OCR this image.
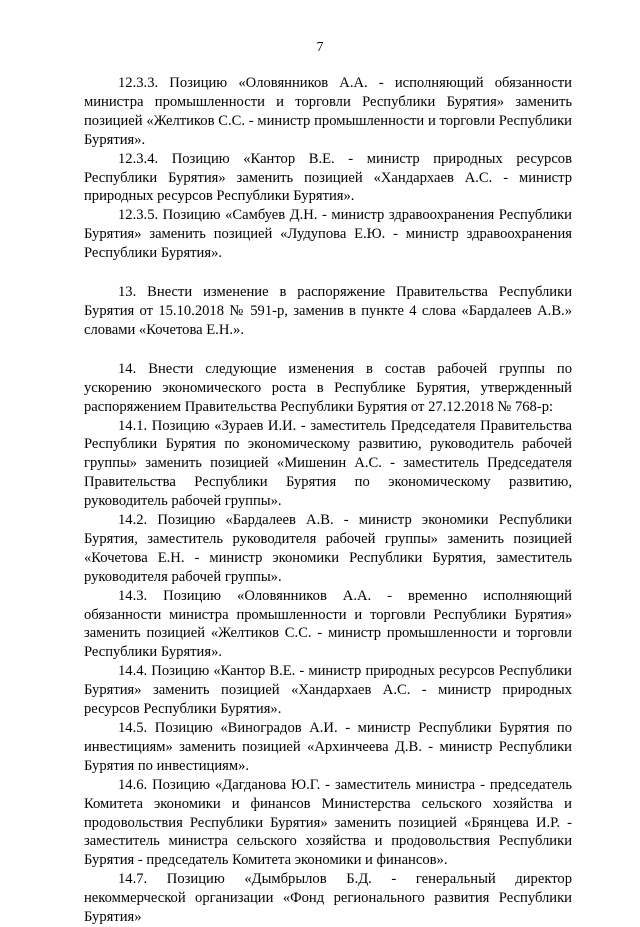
7

12.3.3. Позицию «Оловянников А.А. - исполняющий обязанности министра промышленности и торговли Республики Бурятия» заменить позицией «Желтиков С.С. - министр промышленности и торговли Республики Бурятия».

12.3.4. Позицию «Кантор В.Е. - министр природных ресурсов Республики Бурятия» заменить позицией «Хандархаев А.С. - министр природных ресурсов Республики Бурятия».

12.3.5. Позицию «Самбуев Д.Н. - министр здравоохранения Республики Бурятия» заменить позицией «Лудупова Е.Ю. - министр здравоохранения Республики Бурятия».

13. Внести изменение в распоряжение Правительства Республики Бурятия от 15.10.2018 № 591-р, заменив в пункте 4 слова «Бардалеев А.В.» словами «Кочетова Е.Н.».

14. Внести следующие изменения в состав рабочей группы по ускорению экономического роста в Республике Бурятия, утвержденный распоряжением Правительства Республики Бурятия от 27.12.2018 № 768-р:

14.1. Позицию «Зураев И.И. - заместитель Председателя Правительства Республики Бурятия по экономическому развитию, руководитель рабочей группы» заменить позицией «Мишенин А.С. - заместитель Председателя Правительства Республики Бурятия по экономическому развитию, руководитель рабочей группы».

14.2. Позицию «Бардалеев А.В. - министр экономики Республики Бурятия, заместитель руководителя рабочей группы» заменить позицией «Кочетова Е.Н. - министр экономики Республики Бурятия, заместитель руководителя рабочей группы».

14.3. Позицию «Оловянников А.А. - временно исполняющий обязанности министра промышленности и торговли Республики Бурятия» заменить позицией «Желтиков С.С. - министр промышленности и торговли Республики Бурятия».

14.4. Позицию «Кантор В.Е. - министр природных ресурсов Республики Бурятия» заменить позицией «Хандархаев А.С. - министр природных ресурсов Республики Бурятия».

14.5. Позицию «Виноградов А.И. - министр Республики Бурятия по инвестициям» заменить позицией «Архинчеева Д.В. - министр Республики Бурятия по инвестициям».

14.6. Позицию «Дагданова Ю.Г. - заместитель министра - председатель Комитета экономики и финансов Министерства сельского хозяйства и продовольствия Республики Бурятия» заменить позицией «Брянцева И.Р. - заместитель министра сельского хозяйства и продовольствия Республики Бурятия - председатель Комитета экономики и финансов».

14.7. Позицию «Дымбрылов Б.Д. - генеральный директор некоммерческой организации «Фонд регионального развития Республики Бурятия»
